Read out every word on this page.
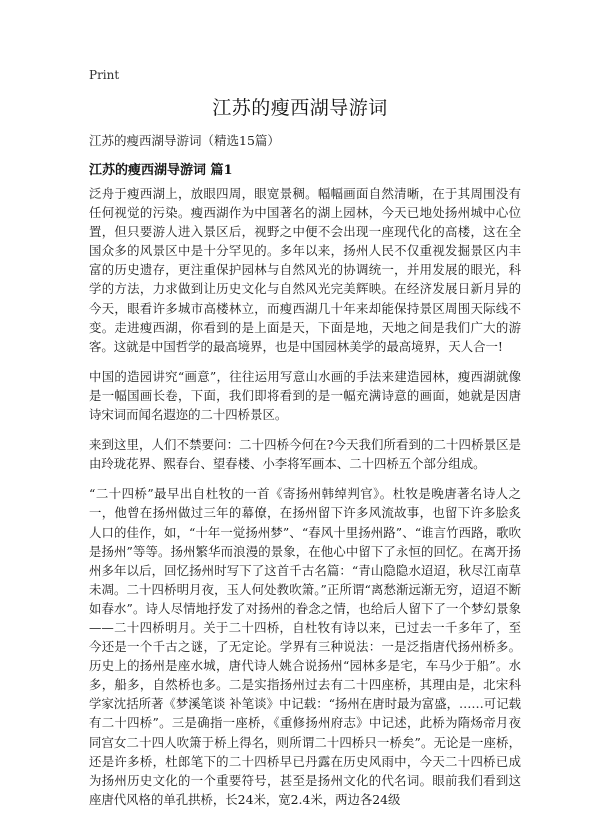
Print
江苏的瘦西湖导游词
江苏的瘦西湖导游词（精选15篇）
江苏的瘦西湖导游词 篇1

泛舟于瘦西湖上，放眼四周，眼宽景稠。幅幅画面自然清晰，在于其周围没有任何视觉的污染。瘦西湖作为中国著名的湖上园林，今天已地处扬州城中心位置，但只要游人进入景区后，视野之中便不会出现一座现代化的高楼，这在全国众多的风景区中是十分罕见的。多年以来，扬州人民不仅重视发掘景区内丰富的历史遗存，更注重保护园林与自然风光的协调统一，并用发展的眼光，科学的方法，力求做到让历史文化与自然风光完美辉映。在经济发展日新月异的今天，眼看许多城市高楼林立，而瘦西湖几十年来却能保持景区周围天际线不变。走进瘦西湖，你看到的是上面是天，下面是地，天地之间是我们广大的游客。这就是中国哲学的最高境界，也是中国园林美学的最高境界，天人合一!

中国的造园讲究“画意”，往往运用写意山水画的手法来建造园林，瘦西湖就像是一幅国画长卷，下面，我们即将看到的是一幅充满诗意的画面，她就是因唐诗宋词而闻名遐迩的二十四桥景区。

来到这里，人们不禁要问：二十四桥今何在?今天我们所看到的二十四桥景区是由玲珑花界、熙春台、望春楼、小李将军画本、二十四桥五个部分组成。

“二十四桥”最早出自杜牧的一首《寄扬州韩绰判官》。杜牧是晚唐著名诗人之一，他曾在扬州做过三年的幕僚，在扬州留下许多风流故事，也留下许多脍炙人口的佳作，如，“十年一觉扬州梦”、“春风十里扬州路”、“谁言竹西路，歌吹是扬州”等等。扬州繁华而浪漫的景象，在他心中留下了永恒的回忆。在离开扬州多年以后，回忆扬州时写下了这首千古名篇：“青山隐隐水迢迢，秋尽江南草未凋。二十四桥明月夜，玉人何处教吹箫。”正所谓“离愁渐远渐无穷，迢迢不断如春水”。诗人尽情地抒发了对扬州的眷念之情，也给后人留下了一个梦幻景象——二十四桥明月。关于二十四桥，自杜牧有诗以来，已过去一千多年了，至今还是一个千古之谜，了无定论。学界有三种说法：一是泛指唐代扬州桥多。历史上的扬州是座水城，唐代诗人姚合说扬州“园林多是宅，车马少于船”。水多，船多，自然桥也多。二是实指扬州过去有二十四座桥，其理由是，北宋科学家沈括所著《梦溪笔谈 补笔谈》中记载：“扬州在唐时最为富盛，……可记载有二十四桥”。三是确指一座桥，《重修扬州府志》中记述，此桥为隋炀帝月夜同宫女二十四人吹箫于桥上得名，则所谓二十四桥只一桥矣”。无论是一座桥，还是许多桥，杜郎笔下的二十四桥早已丹露在历史风雨中，今天二十四桥已成为扬州历史文化的一个重要符号，甚至是扬州文化的代名词。眼前我们看到这座唐代风格的单孔拱桥，长24米，宽2.4米，两边各24级
